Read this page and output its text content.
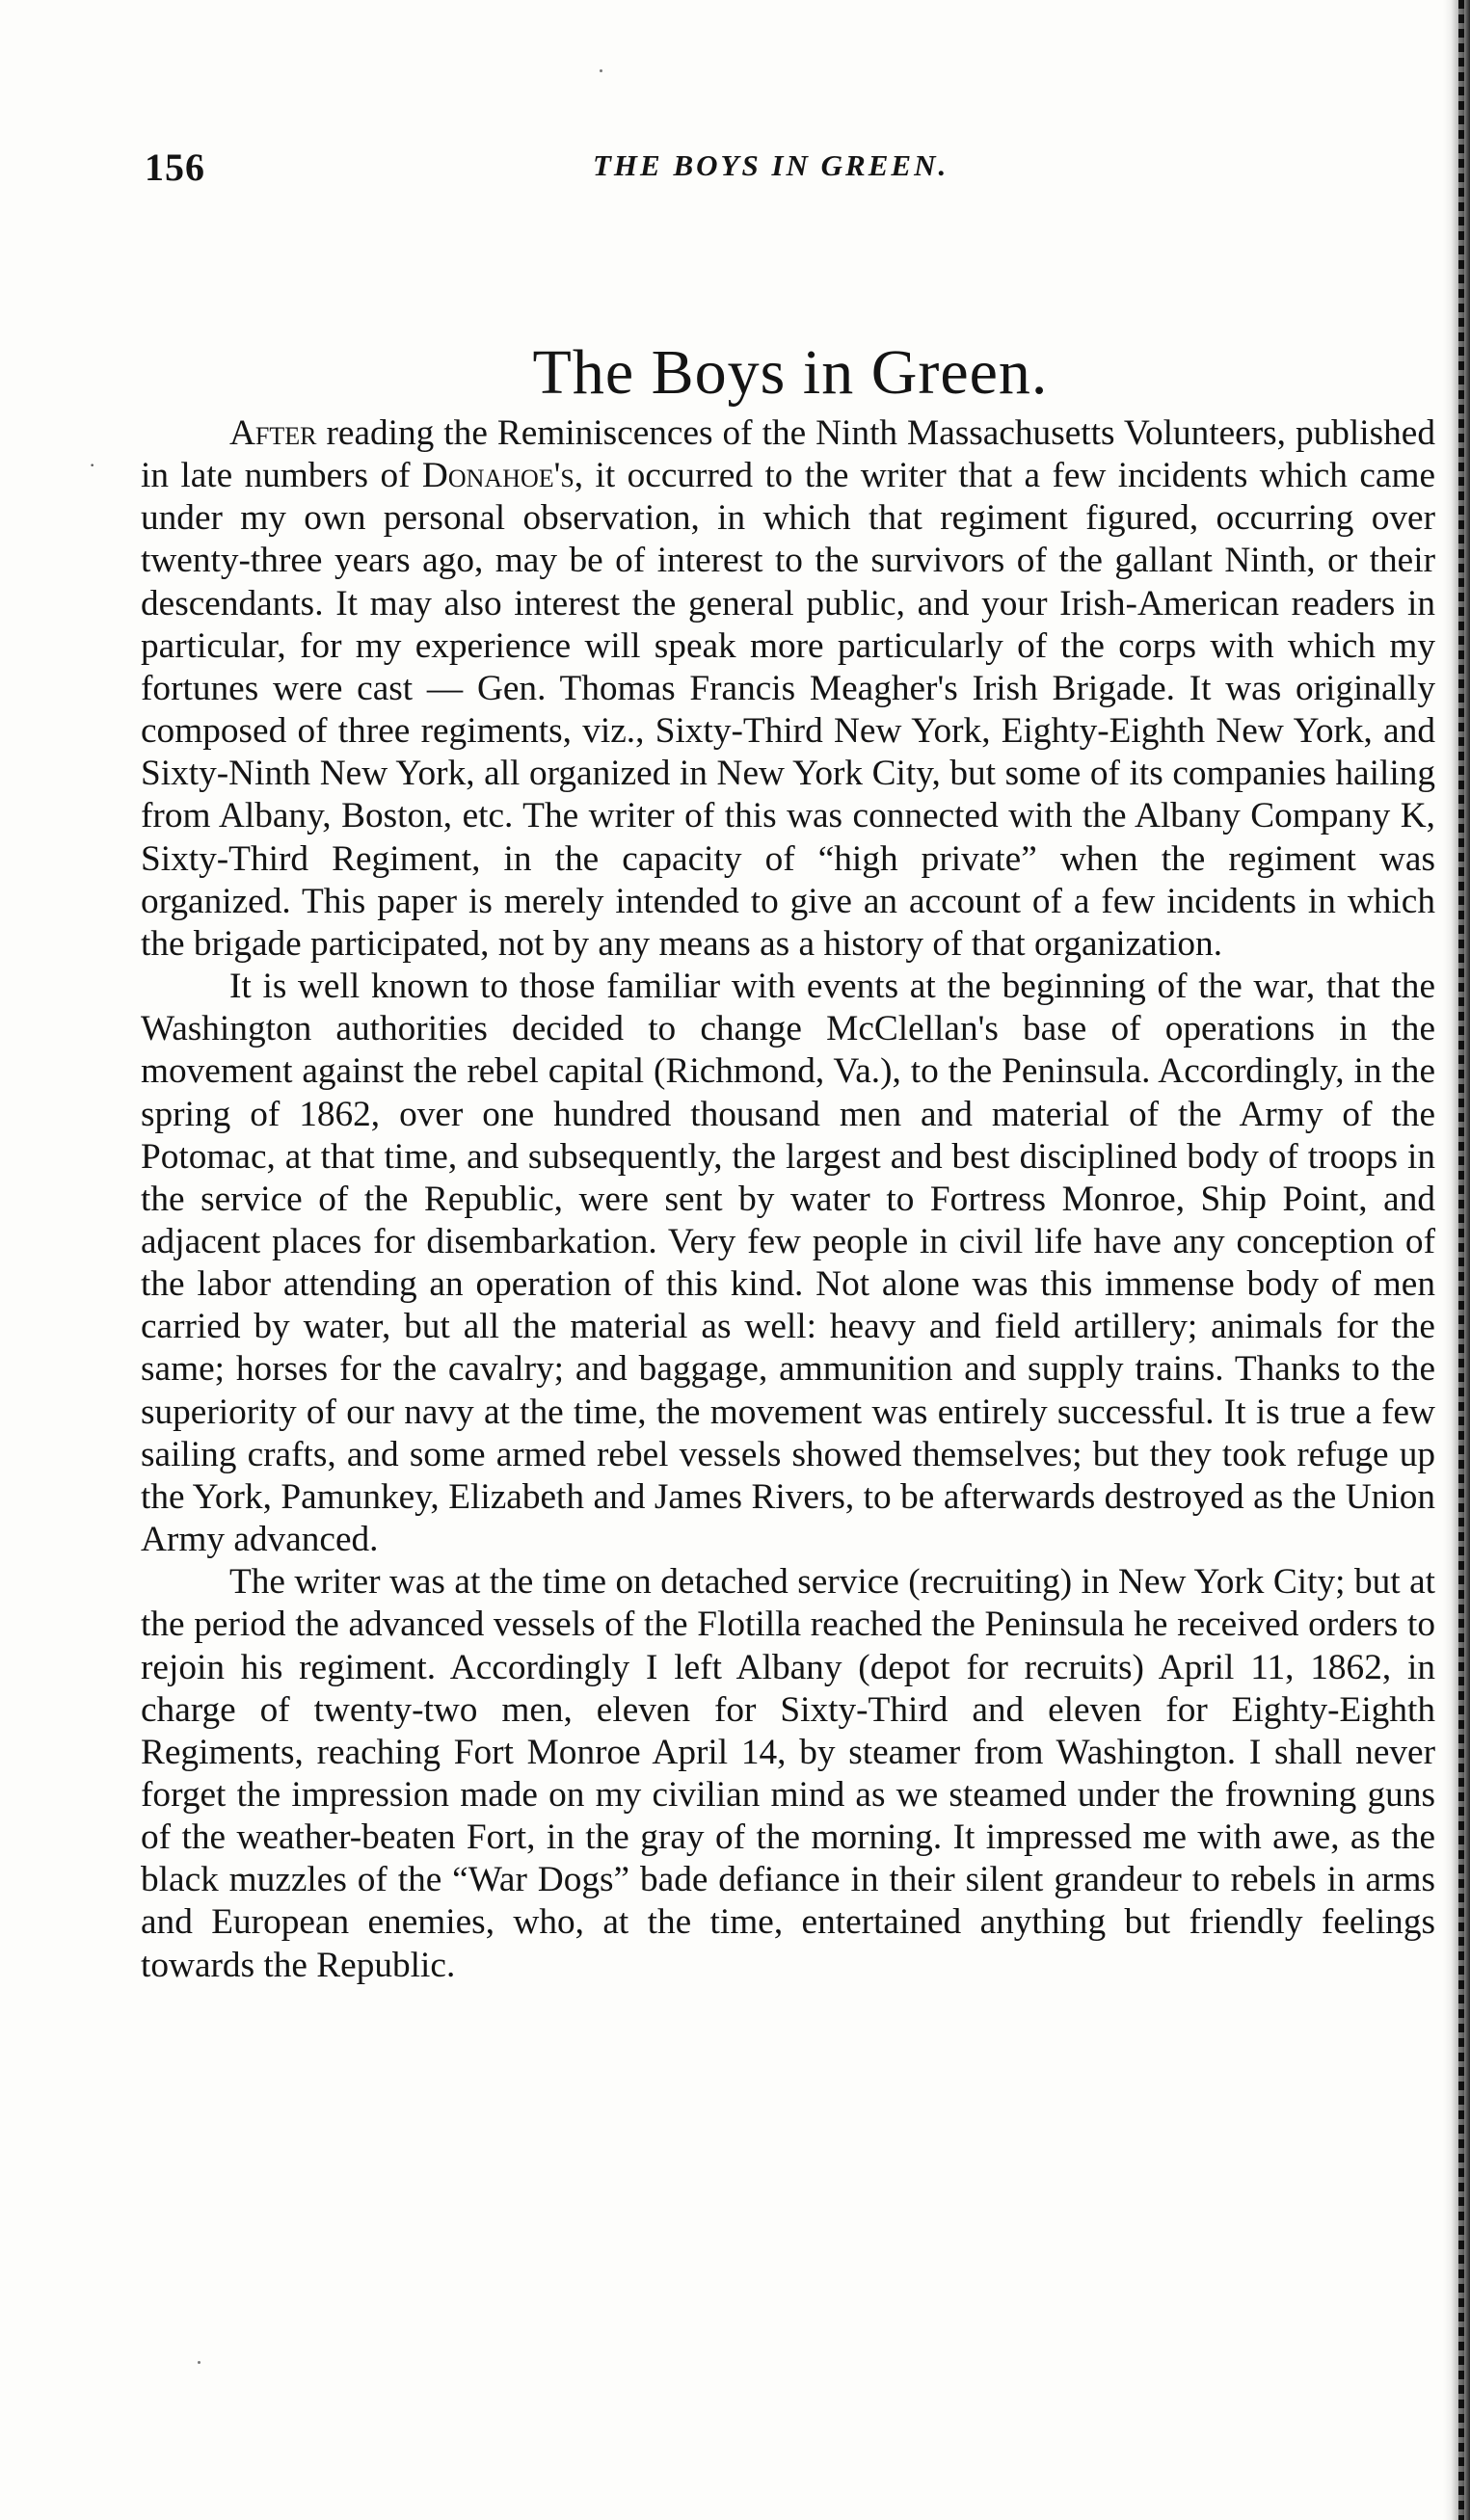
156	THE BOYS IN GREEN.
The Boys in Green.
·

After reading the Reminiscences of the Ninth Massachusetts Volunteers, published in late numbers of Donahoe's, it occurred to the writer that a few incidents which came under my own personal observation, in which that regiment figured, occurring over twenty-three years ago, may be of interest to the survivors of the gallant Ninth, or their descendants. It may also interest the general public, and your Irish-American readers in particular, for my experience will speak more particularly of the corps with which my fortunes were cast — Gen. Thomas Francis Meagher's Irish Brigade. It was originally composed of three regiments, viz., Sixty-Third New York, Eighty-Eighth New York, and Sixty-Ninth New York, all organized in New York City, but some of its companies hailing from Albany, Boston, etc. The writer of this was connected with the Albany Company K, Sixty-Third Regiment, in the capacity of “high private” when the regiment was organized. This paper is merely intended to give an account of a few incidents in which the brigade participated, not by any means as a history of that organization.

It is well known to those familiar with events at the beginning of the war, that the Washington authorities decided to change McClellan's base of operations in the movement against the rebel capital (Richmond, Va.), to the Peninsula. Accordingly, in the spring of 1862, over one hundred thousand men and material of the Army of the Potomac, at that time, and subsequently, the largest and best disciplined body of troops in the service of the Republic, were sent by water to Fortress Monroe, Ship Point, and adjacent places for disembarkation. Very few people in civil life have any conception of the labor attending an operation of this kind. Not alone was this immense body of men carried by water, but all the material as well: heavy and field artillery; animals for the same; horses for the cavalry; and baggage, ammunition and supply trains. Thanks to the superiority of our navy at the time, the movement was entirely successful. It is true a few sailing crafts, and some armed rebel vessels showed themselves; but they took refuge up the York, Pamunkey, Elizabeth and James Rivers, to be afterwards destroyed as the Union Army advanced.

The writer was at the time on detached service (recruiting) in New York City; but at the period the advanced vessels of the Flotilla reached the Peninsula he received orders to rejoin his regiment. Accordingly I left Albany (depot for recruits) April 11, 1862, in charge of twenty-two men, eleven for Sixty-Third and eleven for Eighty-Eighth Regiments, reaching Fort Monroe April 14, by steamer from Washington. I shall never forget the impression made on my civilian mind as we steamed under the frowning guns of the weather-beaten Fort, in the gray of the morning. It impressed me with awe, as the black muzzles of the “War Dogs” bade defiance in their silent grandeur to rebels in arms and European enemies, who, at the time, entertained anything but friendly feelings towards the Republic.
